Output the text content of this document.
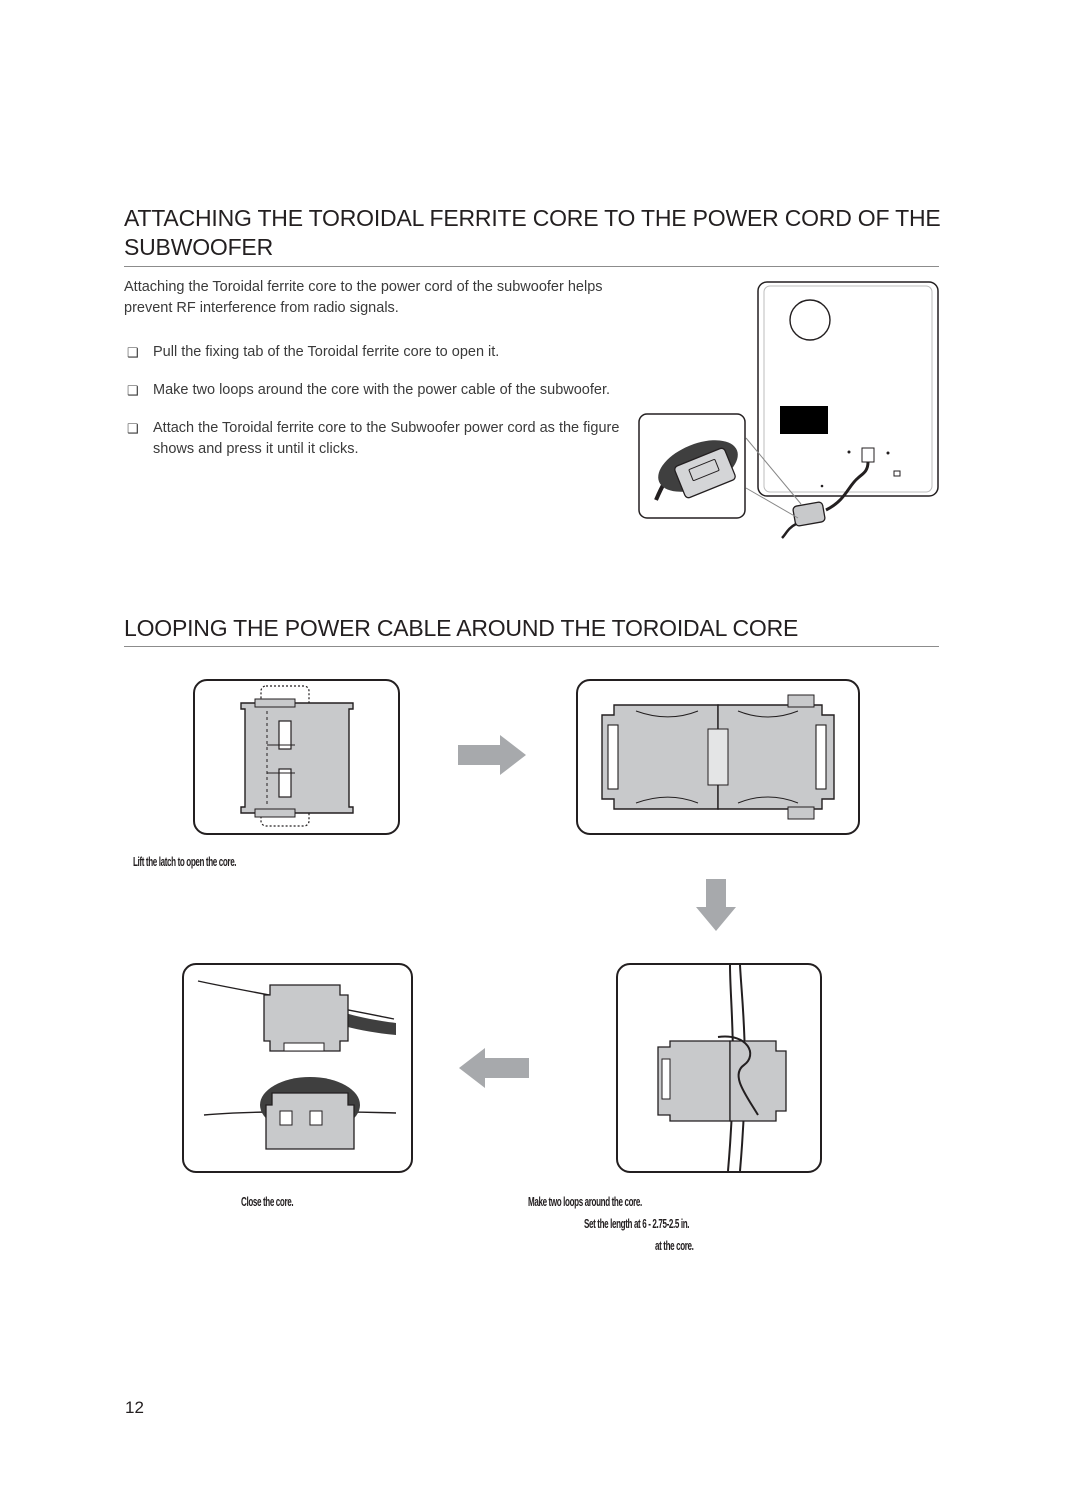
ATTACHING THE TOROIDAL FERRITE CORE TO THE POWER CORD OF THE SUBWOOFER
Attaching the Toroidal ferrite core to the power cord of the subwoofer helps prevent RF interference from radio signals.
❑ Pull the fixing tab of the Toroidal ferrite core to open it.
❑ Make two loops around the core with the power cable of the subwoofer.
❑ Attach the Toroidal ferrite core to the Subwoofer power cord as the figure shows and press it until it clicks.
LOOPING THE POWER CABLE AROUND THE TOROIDAL CORE
Lift the latch to open the core.
Make two loops around the core.
Set the length at 6 - 2.75-2.5 in.
at the core.
Close the core.
12
